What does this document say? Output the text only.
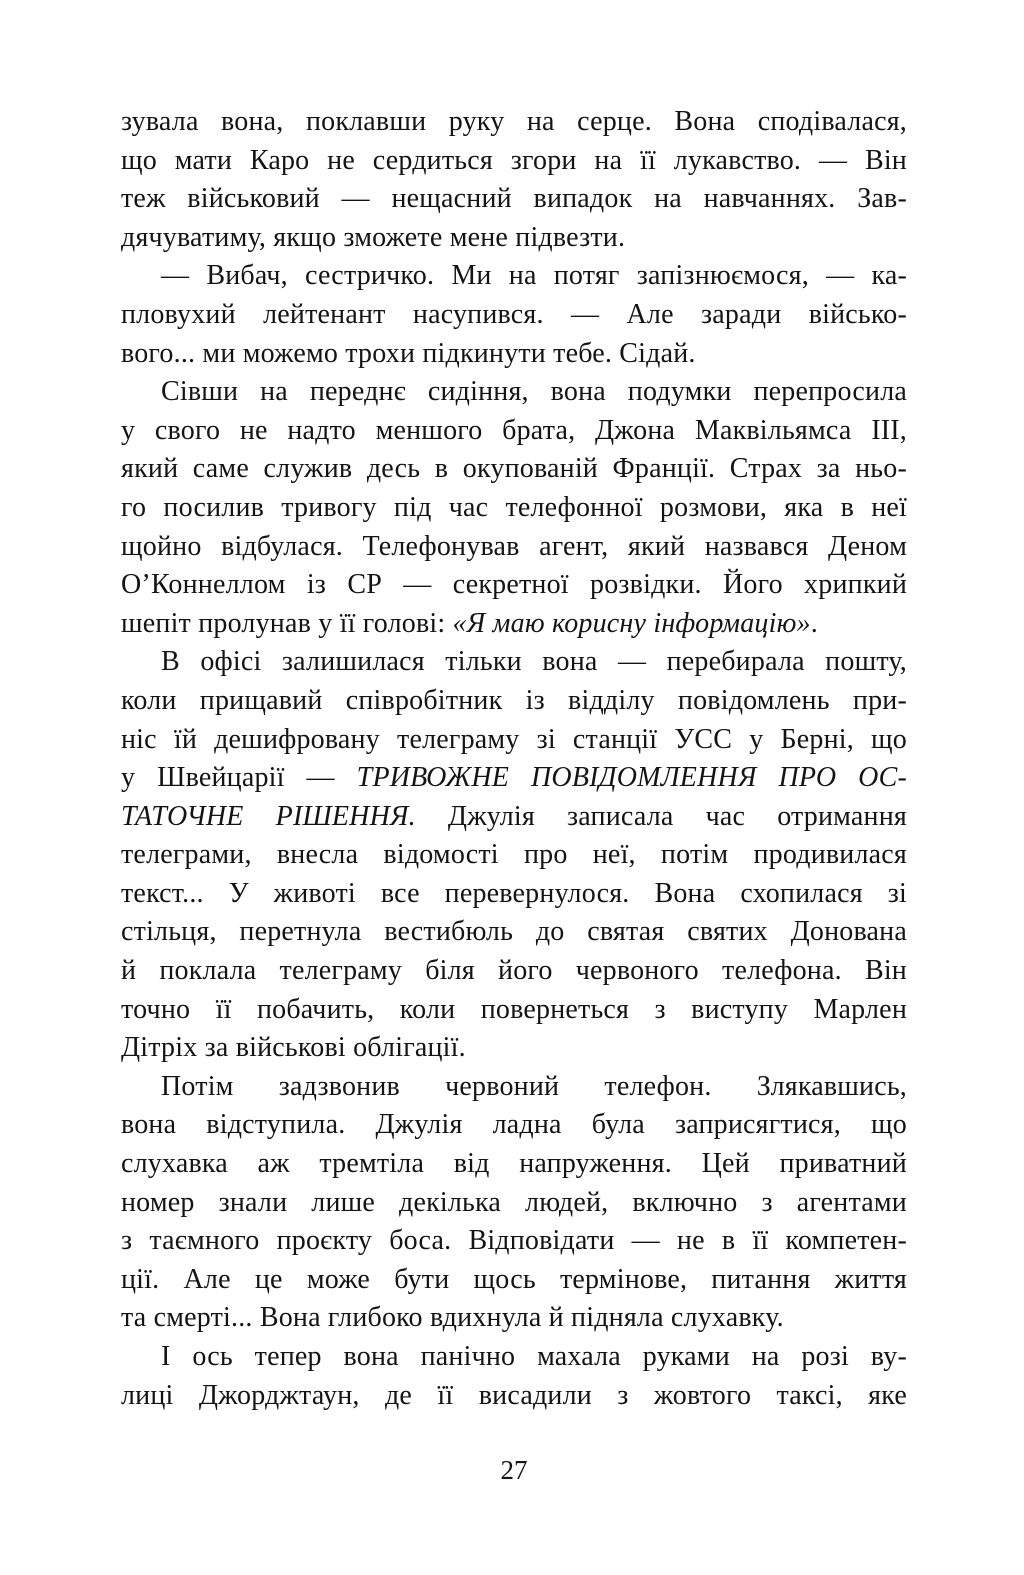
зувала вона, поклавши руку на серце. Вона сподівалася,
що мати Каро не сердиться згори на її лукавство. — Він
теж військовий — нещасний випадок на навчаннях. Зав-
дячуватиму, якщо зможете мене підвезти.
— Вибач, сестричко. Ми на потяг запізнюємося, — ка-
пловухий лейтенант насупився. — Але заради військо-
вого... ми можемо трохи підкинути тебе. Сідай.
Сівши на переднє сидіння, вона подумки перепросила
у свого не надто меншого брата, Джона Маквільямса III,
який саме служив десь в окупованій Франції. Страх за ньо-
го посилив тривогу під час телефонної розмови, яка в неї
щойно відбулася. Телефонував агент, який назвався Деном
О’Коннеллом із СР — секретної розвідки. Його хрипкий
шепіт пролунав у її голові: «Я маю корисну інформацію».
В офісі залишилася тільки вона — перебирала пошту,
коли прищавий співробітник із відділу повідомлень при-
ніс їй дешифровану телеграму зі станції УСС у Берні, що
у Швейцарії — ТРИВОЖНЕ ПОВІДОМЛЕННЯ ПРО ОС-
ТАТОЧНЕ РІШЕННЯ. Джулія записала час отримання
телеграми, внесла відомості про неї, потім продивилася
текст... У животі все перевернулося. Вона схопилася зі
стільця, перетнула вестибюль до святая святих Донована
й поклала телеграму біля його червоного телефона. Він
точно її побачить, коли повернеться з виступу Марлен
Дітріх за військові облігації.
Потім задзвонив червоний телефон. Злякавшись,
вона відступила. Джулія ладна була заприсягтися, що
слухавка аж тремтіла від напруження. Цей приватний
номер знали лише декілька людей, включно з агентами
з таємного проєкту боса. Відповідати — не в її компетен-
ції. Але це може бути щось термінове, питання життя
та смерті... Вона глибоко вдихнула й підняла слухавку.
І ось тепер вона панічно махала руками на розі ву-
лиці Джорджтаун, де її висадили з жовтого таксі, яке
27
